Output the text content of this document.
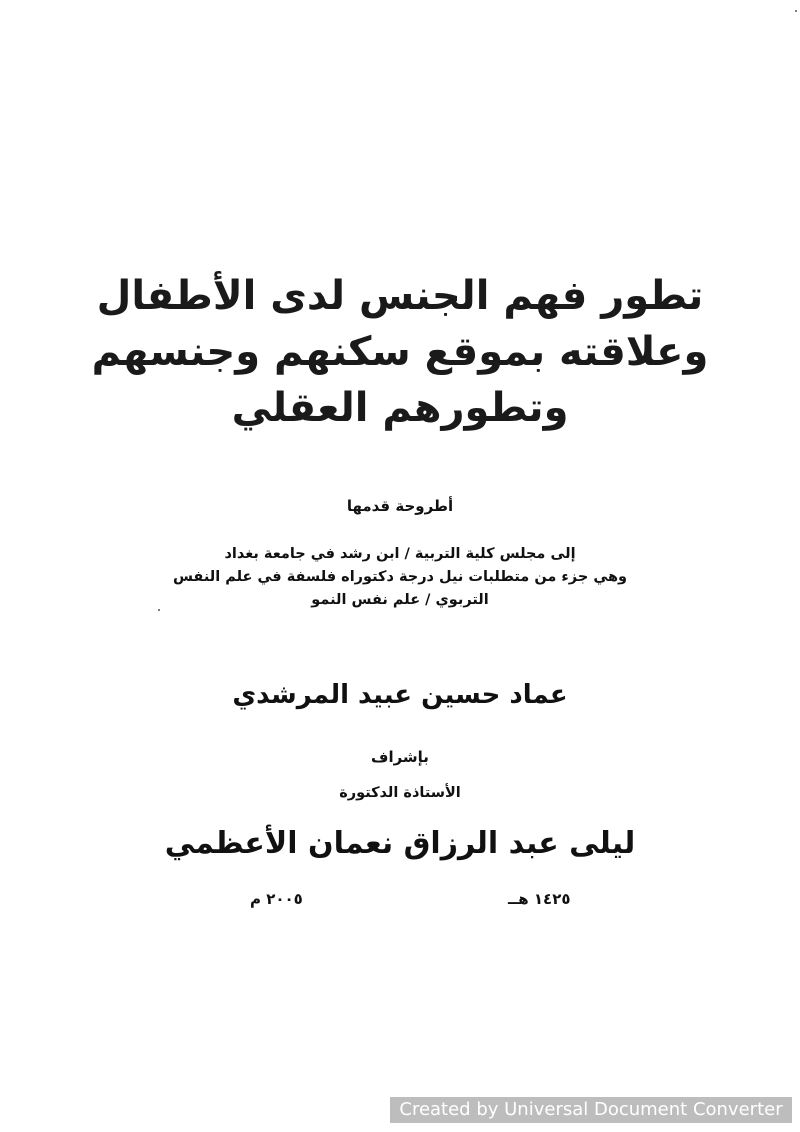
تطور فهم الجنس لدى الأطفال
وعلاقته بموقع سكنهم وجنسهم
وتطورهم العقلي
أطروحة قدمها
إلى مجلس كلية التربية / ابن رشد في جامعة بغداد
وهي جزء من متطلبات نيل درجة دكتوراه فلسفة في علم النفس
التربوي / علم نفس النمو
عماد حسين عبيد المرشدي
بإشراف
الأستاذة الدكتورة
ليلى عبد الرزاق نعمان الأعظمي
١٤٢٥ هــ
٢٠٠٥ م
Created by Universal Document Converter
